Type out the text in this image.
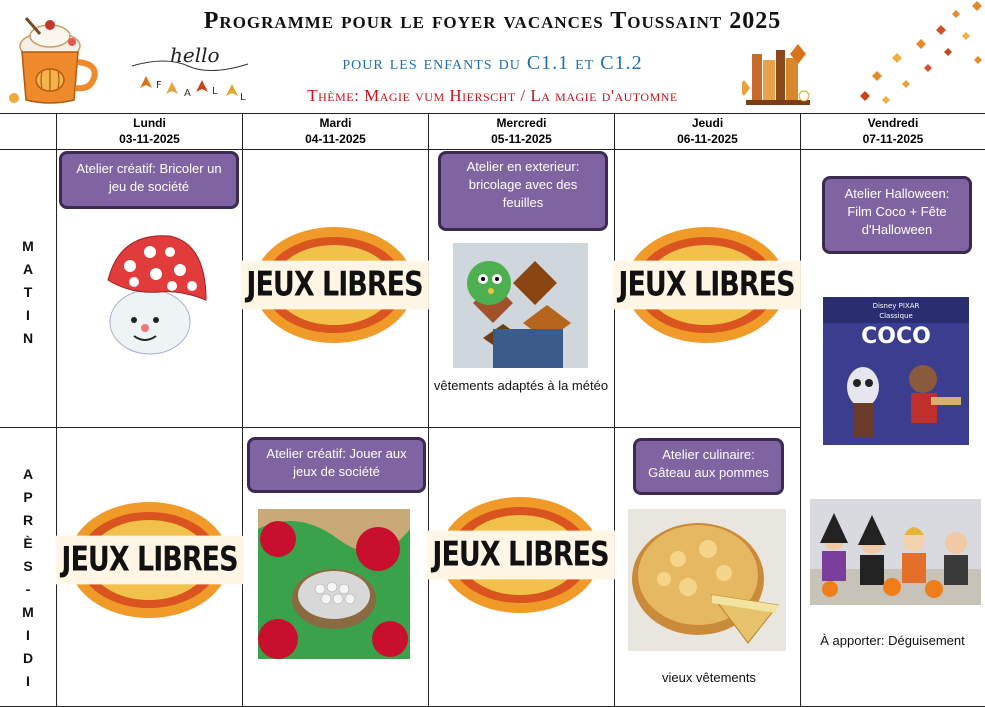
hello
F
A L
L
Programme pour le foyer vacances Toussaint 2025
pour les enfants du C1.1 et C1.2
Thème: Magie vum Hierscht / La magie d'automne
Lundi
03-11-2025
Mardi
04-11-2025
Mercredi
05-11-2025
Jeudi
06-11-2025
Vendredi
07-11-2025
M
A
T
I
N
A
P
R
È
S
-
M
I
D
I
Atelier créatif: Bricoler un jeu de société
JEUX LIBRES
Atelier en exterieur: bricolage avec des feuilles
vêtements adaptés à la météo
JEUX LIBRES
Atelier Halloween: Film Coco + Fête d'Halloween
Disney PIXAR
Classique
COCO
À apporter: Déguisement
JEUX LIBRES
Atelier créatif: Jouer aux jeux de société
JEUX LIBRES
Atelier culinaire: Gâteau aux pommes
vieux vêtements
